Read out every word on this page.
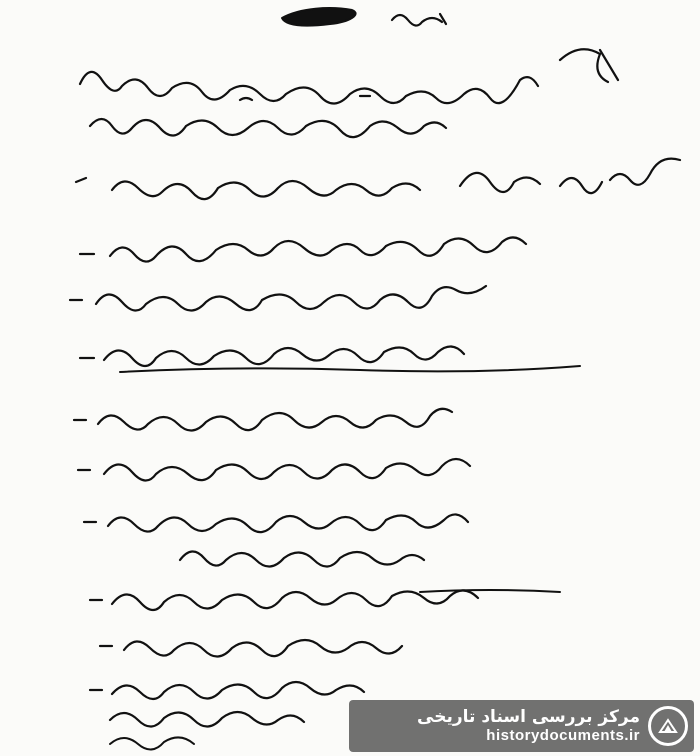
مرکز بررسی اسناد تاریخی
historydocuments.ir
